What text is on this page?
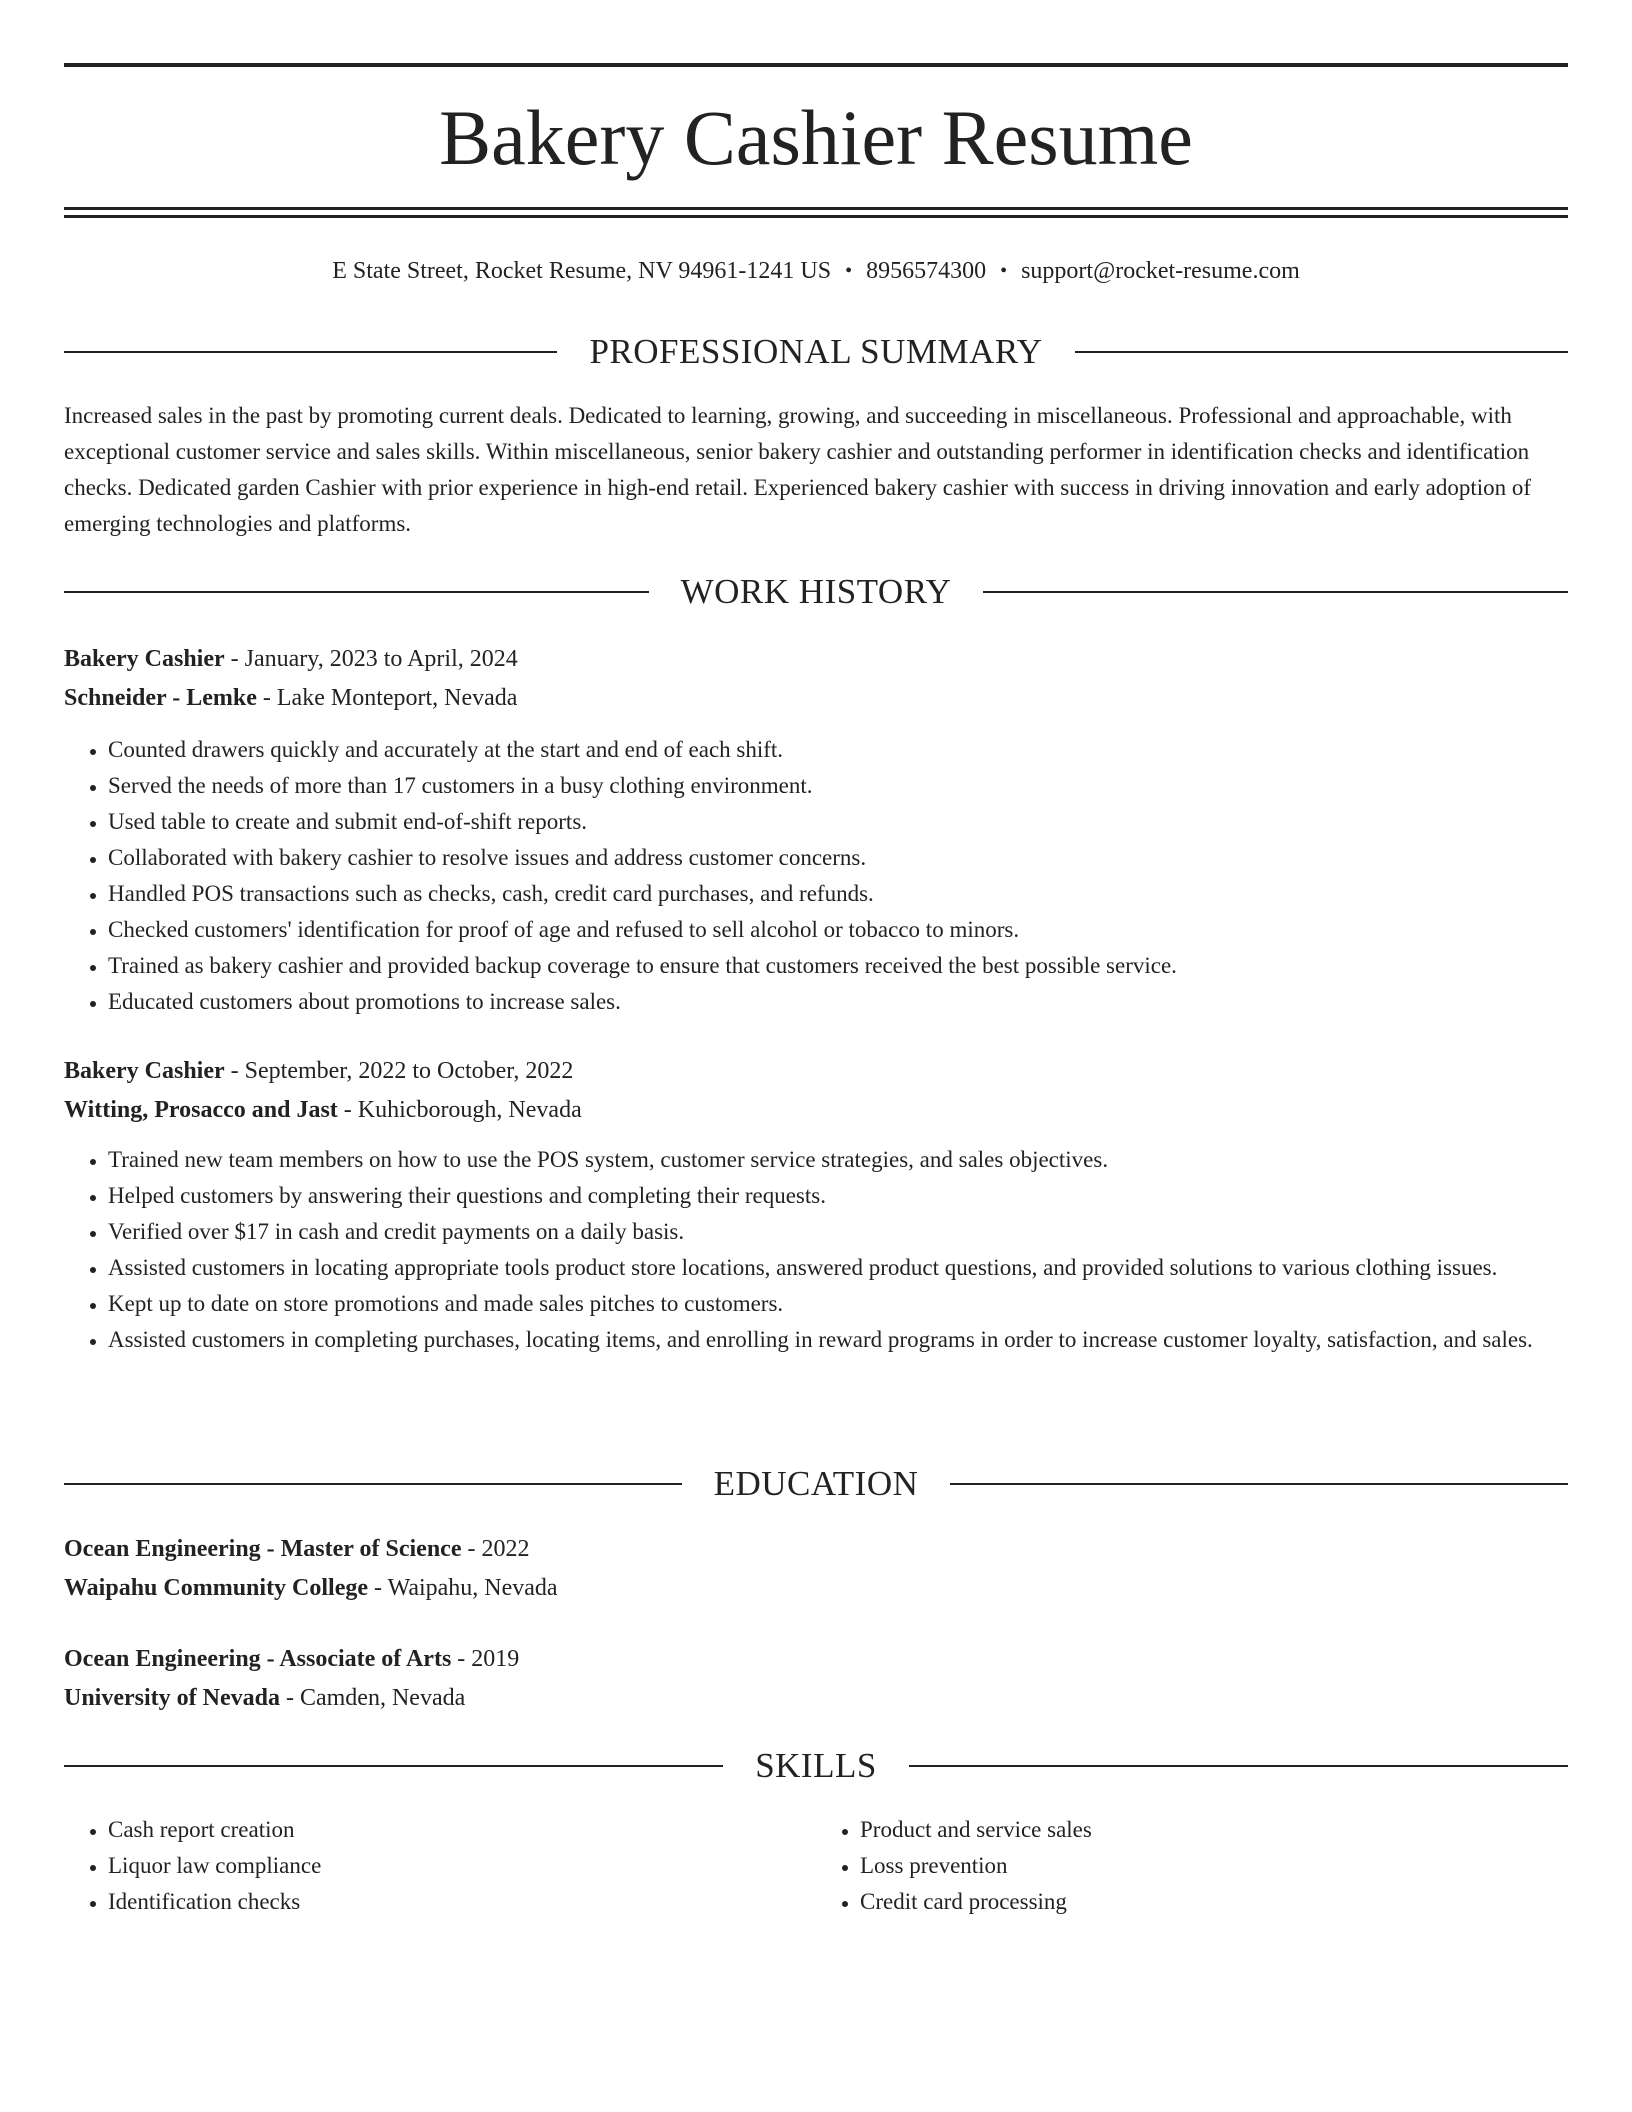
Bakery Cashier Resume
E State Street, Rocket Resume, NV 94961-1241 US • 8956574300 • support@rocket-resume.com
PROFESSIONAL SUMMARY
Increased sales in the past by promoting current deals. Dedicated to learning, growing, and succeeding in miscellaneous. Professional and approachable, with exceptional customer service and sales skills. Within miscellaneous, senior bakery cashier and outstanding performer in identification checks and identification checks. Dedicated garden Cashier with prior experience in high-end retail. Experienced bakery cashier with success in driving innovation and early adoption of emerging technologies and platforms.
WORK HISTORY
Bakery Cashier - January, 2023 to April, 2024
Schneider - Lemke - Lake Monteport, Nevada
• Counted drawers quickly and accurately at the start and end of each shift.
• Served the needs of more than 17 customers in a busy clothing environment.
• Used table to create and submit end-of-shift reports.
• Collaborated with bakery cashier to resolve issues and address customer concerns.
• Handled POS transactions such as checks, cash, credit card purchases, and refunds.
• Checked customers' identification for proof of age and refused to sell alcohol or tobacco to minors.
• Trained as bakery cashier and provided backup coverage to ensure that customers received the best possible service.
• Educated customers about promotions to increase sales.
Bakery Cashier - September, 2022 to October, 2022
Witting, Prosacco and Jast - Kuhicborough, Nevada
• Trained new team members on how to use the POS system, customer service strategies, and sales objectives.
• Helped customers by answering their questions and completing their requests.
• Verified over $17 in cash and credit payments on a daily basis.
• Assisted customers in locating appropriate tools product store locations, answered product questions, and provided solutions to various clothing issues.
• Kept up to date on store promotions and made sales pitches to customers.
• Assisted customers in completing purchases, locating items, and enrolling in reward programs in order to increase customer loyalty, satisfaction, and sales.
EDUCATION
Ocean Engineering - Master of Science - 2022
Waipahu Community College - Waipahu, Nevada
Ocean Engineering - Associate of Arts - 2019
University of Nevada - Camden, Nevada
SKILLS
• Cash report creation
• Liquor law compliance
• Identification checks
• Product and service sales
• Loss prevention
• Credit card processing
